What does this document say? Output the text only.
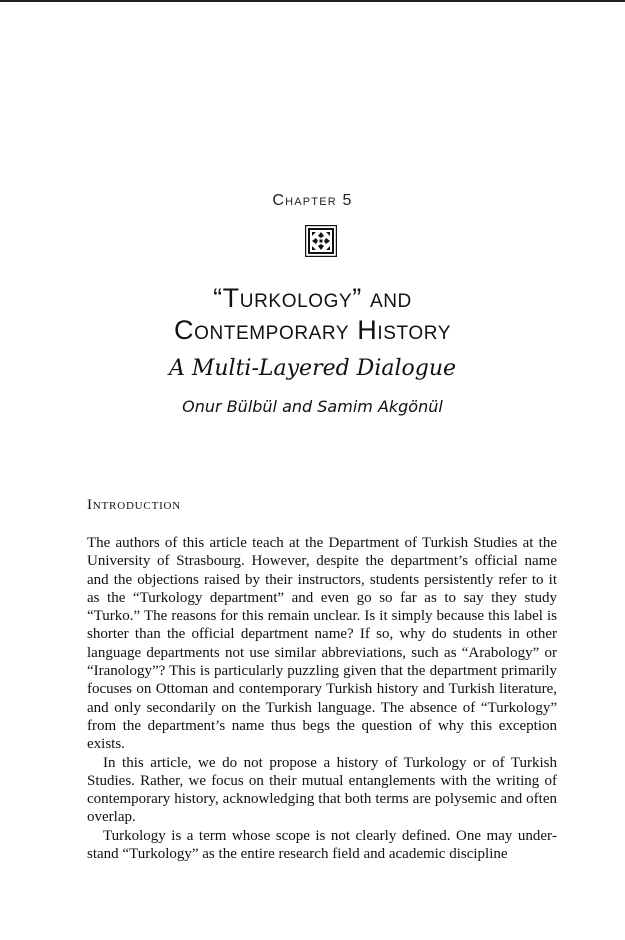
Chapter 5
“Turkology” and
Contemporary History
A Multi-Layered Dialogue
Onur Bülbül and Samim Akgönül
Introduction

The authors of this article teach at the Department of Turkish Studies at the University of Strasbourg. However, despite the department’s official name and the objections raised by their instructors, students persistently refer to it as the “Turkology department” and even go so far as to say they study “Turko.” The reasons for this remain unclear. Is it simply because this label is shorter than the official department name? If so, why do students in other language departments not use similar abbreviations, such as “Arabology” or “Iranology”? This is particularly puzzling given that the department primarily focuses on Ottoman and contemporary Turkish history and Turkish literature, and only secondarily on the Turkish language. The absence of “Turkology” from the department’s name thus begs the question of why this exception exists.

In this article, we do not propose a history of Turkology or of Turkish Studies. Rather, we focus on their mutual entanglements with the writing of contemporary history, acknowledging that both terms are polysemic and often overlap.

Turkology is a term whose scope is not clearly defined. One may understand “Turkology” as the entire research field and academic discipline
